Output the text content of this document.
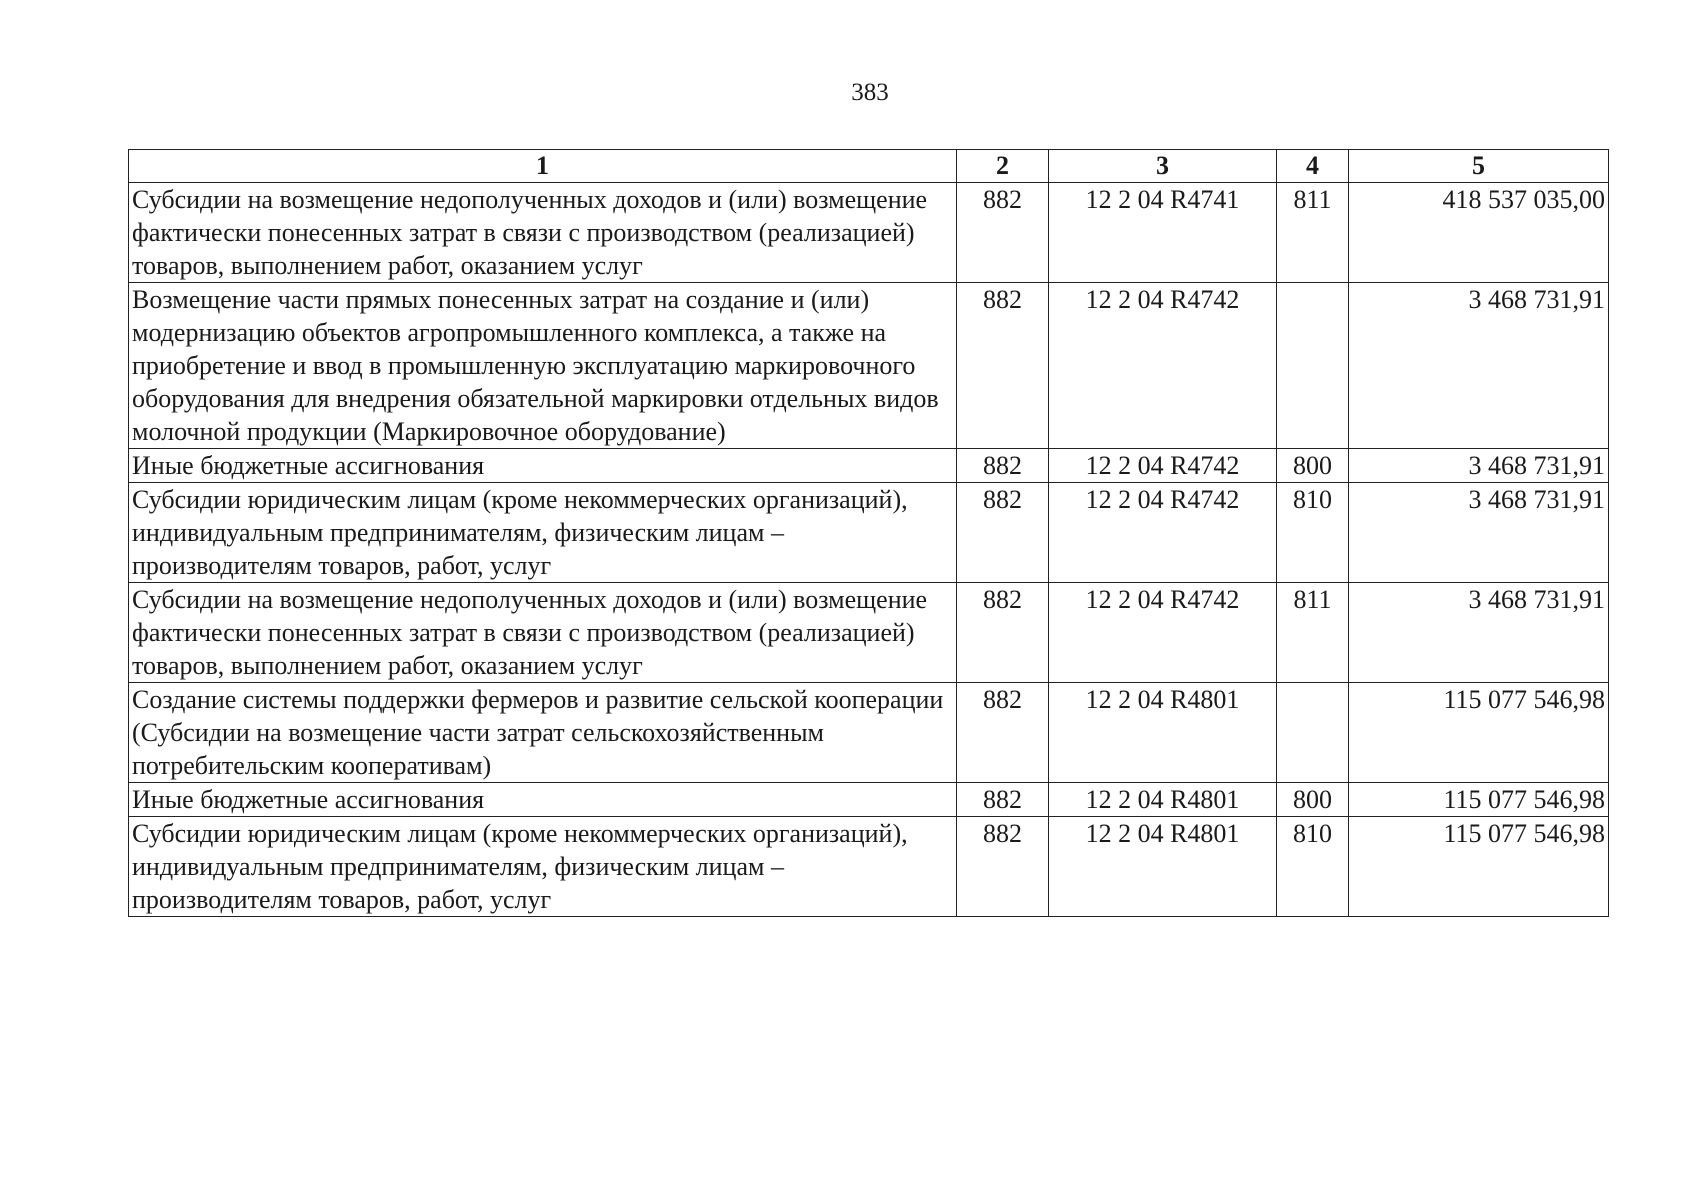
383
1	2	3	4	5
Субсидии на возмещение недополученных доходов и (или) возмещение фактически понесенных затрат в связи с производством (реализацией) товаров, выполнением работ, оказанием услуг	882	12 2 04 R4741	811	418 537 035,00
Возмещение части прямых понесенных затрат на создание и (или) модернизацию объектов агропромышленного комплекса, а также на приобретение и ввод в промышленную эксплуатацию маркировочного оборудования для внедрения обязательной маркировки отдельных видов молочной продукции (Маркировочное оборудование)	882	12 2 04 R4742		3 468 731,91
Иные бюджетные ассигнования	882	12 2 04 R4742	800	3 468 731,91
Субсидии юридическим лицам (кроме некоммерческих организаций), индивидуальным предпринимателям, физическим лицам – производителям товаров, работ, услуг	882	12 2 04 R4742	810	3 468 731,91
Субсидии на возмещение недополученных доходов и (или) возмещение фактически понесенных затрат в связи с производством (реализацией) товаров, выполнением работ, оказанием услуг	882	12 2 04 R4742	811	3 468 731,91
Создание системы поддержки фермеров и развитие сельской кооперации (Субсидии на возмещение части затрат сельскохозяйственным потребительским кооперативам)	882	12 2 04 R4801		115 077 546,98
Иные бюджетные ассигнования	882	12 2 04 R4801	800	115 077 546,98
Субсидии юридическим лицам (кроме некоммерческих организаций), индивидуальным предпринимателям, физическим лицам – производителям товаров, работ, услуг	882	12 2 04 R4801	810	115 077 546,98
